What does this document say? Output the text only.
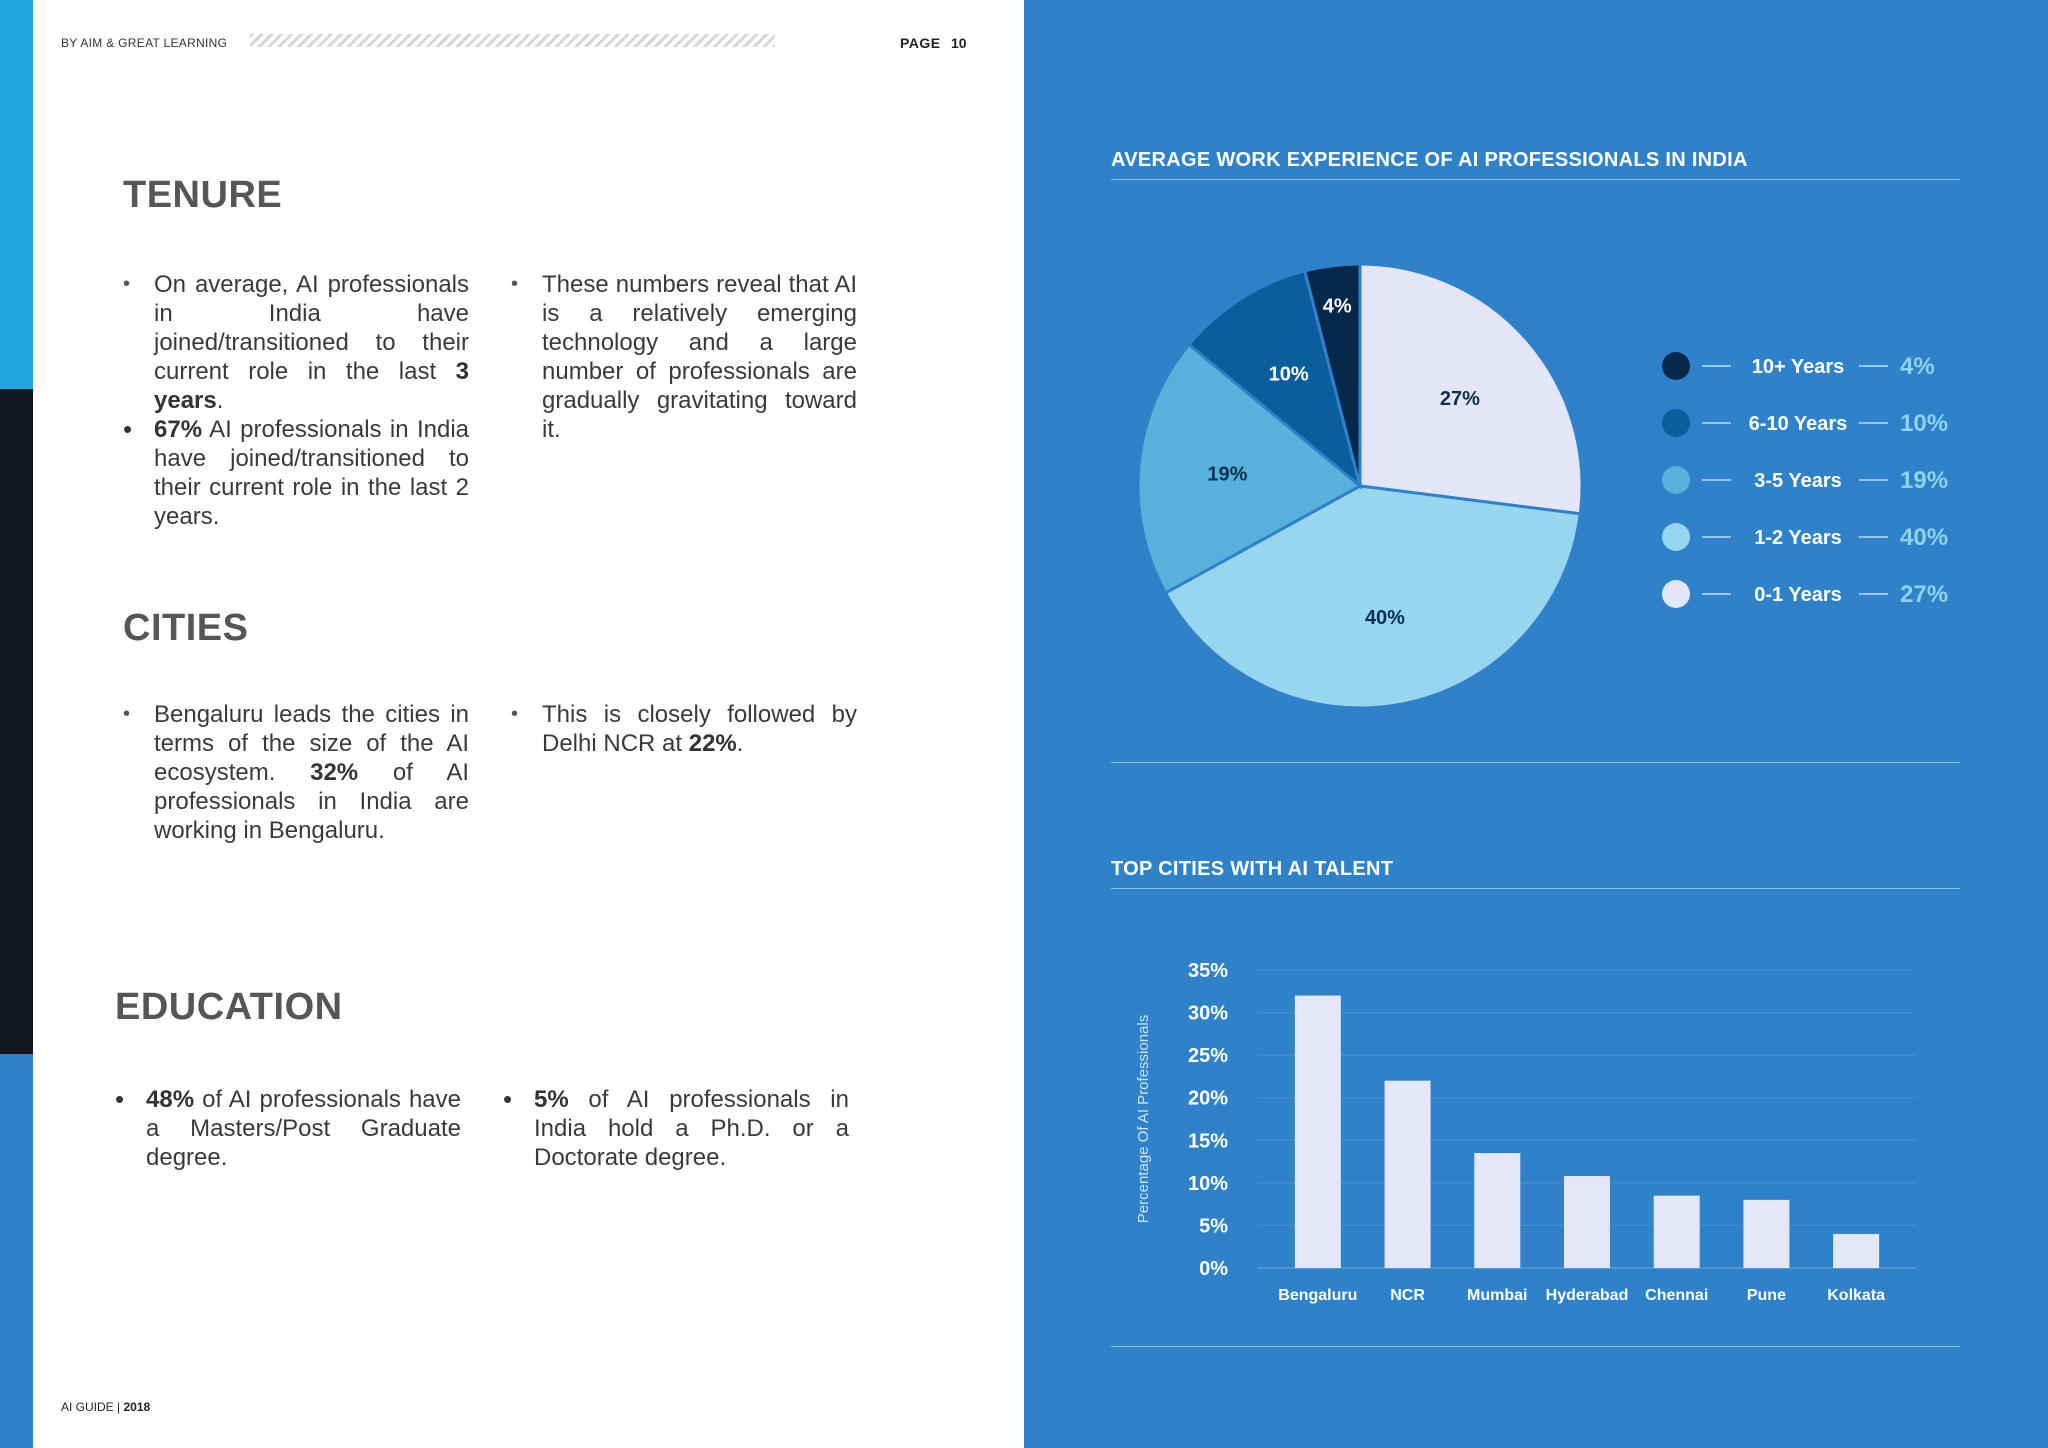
BY AIM & GREAT LEARNING	PAGE 10
TENURE
• On average, AI professionals in India have joined/transitioned to their current role in the last 3 years.
• 67% AI professionals in India have joined/transitioned to their current role in the last 2 years.
• These numbers reveal that AI is a relatively emerging technology and a large number of professionals are gradually gravitating toward it.
CITIES
• Bengaluru leads the cities in terms of the size of the AI ecosystem. 32% of AI professionals in India are working in Bengaluru.
• This is closely followed by Delhi NCR at 22%.
EDUCATION
• 48% of AI professionals have a Masters/Post Graduate degree.
• 5% of AI professionals in India hold a Ph.D. or a Doctorate degree.
AI GUIDE | 2018
AVERAGE WORK EXPERIENCE OF AI PROFESSIONALS IN INDIA
27%
40%
19%
10%
4%
10+ Years 4%
6-10 Years 10%
3-5 Years 19%
1-2 Years 40%
0-1 Years 27%
TOP CITIES WITH AI TALENT
0%
5%
10%
15%
20%
25%
30%
35%
Percentage Of AI Professionals
Bengaluru NCR	Mumbai Hyderabad Chennai Pune	Kolkata
